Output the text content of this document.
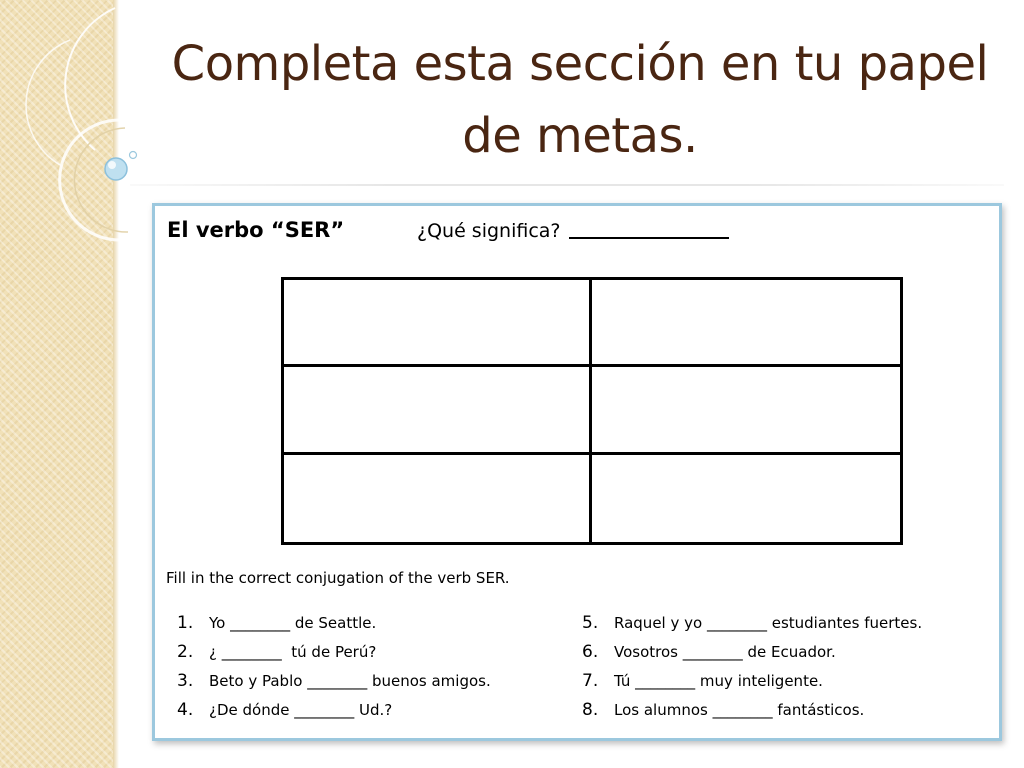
Completa esta sección en tu papel de metas.
El verbo “SER”	¿Qué significa?
Fill in the correct conjugation of the verb SER.
1. Yo ________ de Seattle.
2. ¿ ________  tú de Perú?
3. Beto y Pablo ________ buenos amigos.
4. ¿De dónde ________ Ud.?
5. Raquel y yo ________ estudiantes fuertes.
6. Vosotros ________ de Ecuador.
7. Tú ________ muy inteligente.
8. Los alumnos ________ fantásticos.
